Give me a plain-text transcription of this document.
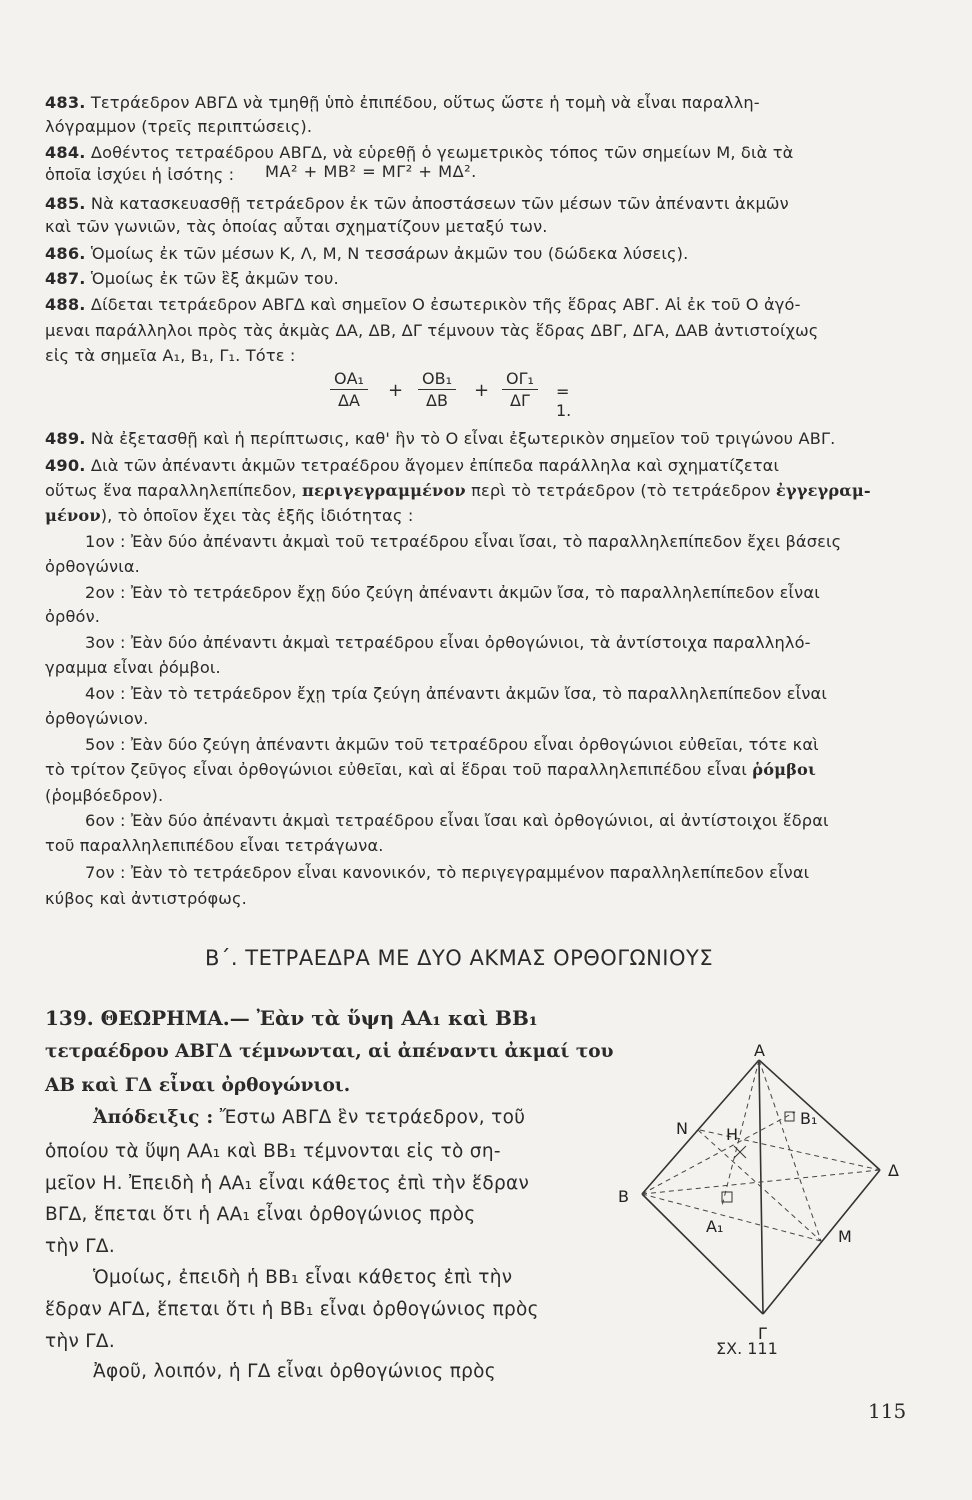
483. Τετράεδρον ΑΒΓΔ νὰ τμηθῇ ὑπὸ ἐπιπέδου, οὕτως ὥστε ἡ τομὴ νὰ εἶναι παραλλη-
λόγραμμον (τρεῖς περιπτώσεις).
484. Δοθέντος τετραέδρου ΑΒΓΔ, νὰ εὑρεθῇ ὁ γεωμετρικὸς τόπος τῶν σημείων Μ, διὰ τὰ
ὁποῖα ἰσχύει ἡ ἰσότης :	ΜΑ² + ΜΒ² = ΜΓ² + ΜΔ².
485. Νὰ κατασκευασθῇ τετράεδρον ἐκ τῶν ἀποστάσεων τῶν μέσων τῶν ἀπέναντι ἀκμῶν
καὶ τῶν γωνιῶν, τὰς ὁποίας αὗται σχηματίζουν μεταξύ των.
486. Ὁμοίως ἐκ τῶν μέσων Κ, Λ, Μ, Ν τεσσάρων ἀκμῶν του (δώδεκα λύσεις).
487. Ὁμοίως ἐκ τῶν ἓξ ἀκμῶν του.
488. Δίδεται τετράεδρον ΑΒΓΔ καὶ σημεῖον Ο ἐσωτερικὸν τῆς ἕδρας ΑΒΓ. Αἱ ἐκ τοῦ Ο ἀγό-
μεναι παράλληλοι πρὸς τὰς ἀκμὰς ΔΑ, ΔΒ, ΔΓ τέμνουν τὰς ἕδρας ΔΒΓ, ΔΓΑ, ΔΑΒ ἀντιστοίχως
εἰς τὰ σημεῖα Α₁, Β₁, Γ₁. Τότε :
$\frac{\text{ΟΑ₁}}{\Delta A} + \frac{\text{ΟΒ₁}}{\Delta B} + \frac{\text{ΟΓ₁}}{\Delta\Gamma} = 1$.
489. Νὰ ἐξετασθῇ καὶ ἡ περίπτωσις, καθ' ἣν τὸ Ο εἶναι ἐξωτερικὸν σημεῖον τοῦ τριγώνου ΑΒΓ.
490. Διὰ τῶν ἀπέναντι ἀκμῶν τετραέδρου ἄγομεν ἐπίπεδα παράλληλα καὶ σχηματίζεται
οὕτως ἕνα παραλληλεπίπεδον, περιγεγραμμένον περὶ τὸ τετράεδρον (τὸ τετράεδρον ἐγγεγραμ-
μένον), τὸ ὁποῖον ἔχει τὰς ἑξῆς ἰδιότητας :
1ον : Ἐὰν δύο ἀπέναντι ἀκμαὶ τοῦ τετραέδρου εἶναι ἴσαι, τὸ παραλληλεπίπεδον ἔχει βάσεις
ὀρθογώνια.
2ον : Ἐὰν τὸ τετράεδρον ἔχῃ δύο ζεύγη ἀπέναντι ἀκμῶν ἴσα, τὸ παραλληλεπίπεδον εἶναι
ὀρθόν.
3ον : Ἐὰν δύο ἀπέναντι ἀκμαὶ τετραέδρου εἶναι ὀρθογώνιοι, τὰ ἀντίστοιχα παραλληλό-
γραμμα εἶναι ῥόμβοι.
4ον : Ἐὰν τὸ τετράεδρον ἔχῃ τρία ζεύγη ἀπέναντι ἀκμῶν ἴσα, τὸ παραλληλεπίπεδον εἶναι
ὀρθογώνιον.
5ον : Ἐὰν δύο ζεύγη ἀπέναντι ἀκμῶν τοῦ τετραέδρου εἶναι ὀρθογώνιοι εὐθεῖαι, τότε καὶ
τὸ τρίτον ζεῦγος εἶναι ὀρθογώνιοι εὐθεῖαι, καὶ αἱ ἕδραι τοῦ παραλληλεπιπέδου εἶναι ῥόμβοι
(ῥομβόεδρον).
6ον : Ἐὰν δύο ἀπέναντι ἀκμαὶ τετραέδρου εἶναι ἴσαι καὶ ὀρθογώνιοι, αἱ ἀντίστοιχοι ἕδραι
τοῦ παραλληλεπιπέδου εἶναι τετράγωνα.
7ον : Ἐὰν τὸ τετράεδρον εἶναι κανονικόν, τὸ περιγεγραμμένον παραλληλεπίπεδον εἶναι
κύβος καὶ ἀντιστρόφως.
Β΄. ΤΕΤΡΑΕΔΡΑ ΜΕ ΔΥΟ ΑΚΜΑΣ ΟΡΘΟΓΩΝΙΟΥΣ
139. ΘΕΩΡΗΜΑ.— Ἐὰν τὰ ὕψη ΑΑ₁ καὶ ΒΒ₁
τετραέδρου ΑΒΓΔ τέμνωνται, αἱ ἀπέναντι ἀκμαί του
ΑΒ καὶ ΓΔ εἶναι ὀρθογώνιοι.
Ἀπόδειξις : Ἔστω ΑΒΓΔ ἓν τετράεδρον, τοῦ
ὁποίου τὰ ὕψη ΑΑ₁ καὶ ΒΒ₁ τέμνονται εἰς τὸ ση-
μεῖον Η. Ἐπειδὴ ἡ ΑΑ₁ εἶναι κάθετος ἐπὶ τὴν ἕδραν
ΒΓΔ, ἕπεται ὅτι ἡ ΑΑ₁ εἶναι ὀρθογώνιος πρὸς
τὴν ΓΔ.
Ὁμοίως, ἐπειδὴ ἡ ΒΒ₁ εἶναι κάθετος ἐπὶ τὴν
ἕδραν ΑΓΔ, ἕπεται ὅτι ἡ ΒΒ₁ εἶναι ὀρθογώνιος πρὸς
τὴν ΓΔ.
Ἀφοῦ, λοιπόν, ἡ ΓΔ εἶναι ὀρθογώνιος πρὸς
Α
Β
Γ
Δ
Ν Η
Μ
Α₁
Β₁
ΣΧ. 111
115
